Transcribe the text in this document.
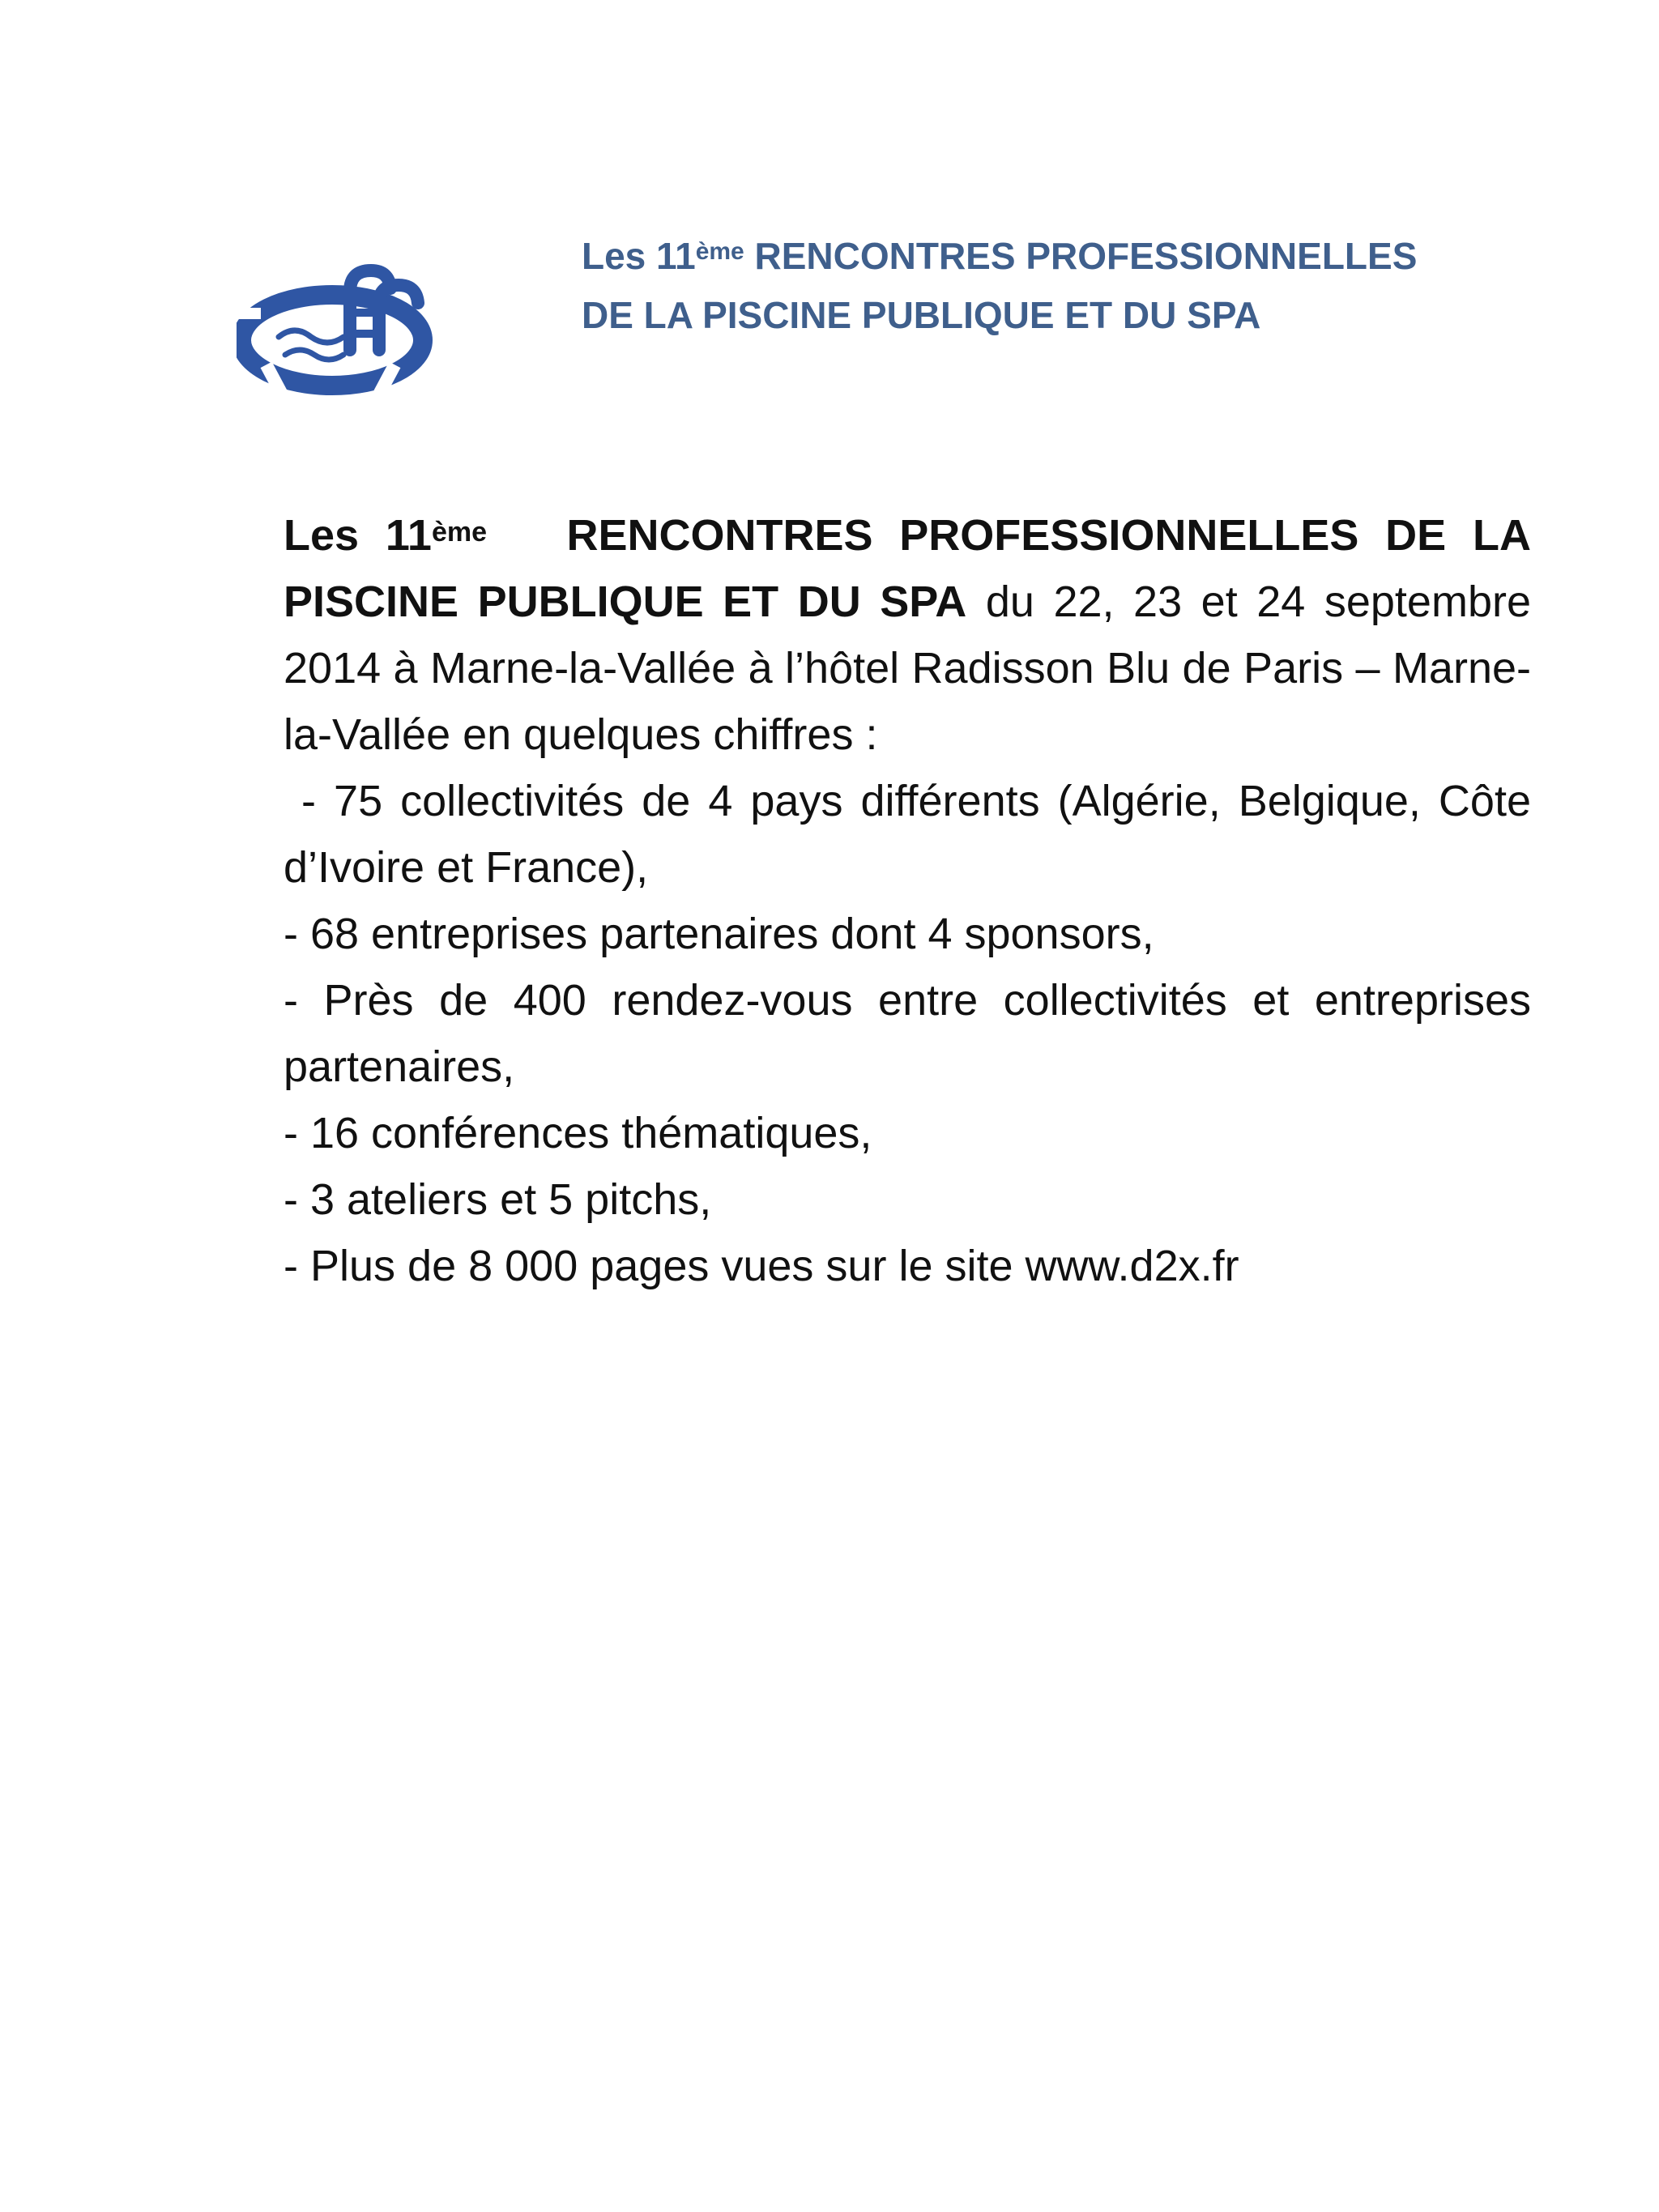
Les 11ème RENCONTRES PROFESSIONNELLES
DE LA PISCINE PUBLIQUE ET DU SPA

Les 11ème RENCONTRES PROFESSIONNELLES DE LA PISCINE PUBLIQUE ET DU SPA du 22, 23 et 24 septembre 2014 à Marne-la-Vallée à l’hôtel Radisson Blu de Paris – Marne-la-Vallée en quelques chiffres :

- 75 collectivités de 4 pays différents (Algérie, Belgique, Côte d’Ivoire et France),
- 68 entreprises partenaires dont 4 sponsors,
- Près de 400 rendez-vous entre collectivités et entreprises partenaires,
- 16 conférences thématiques,
- 3 ateliers et 5 pitchs,
- Plus de 8 000 pages vues sur le site www.d2x.fr
